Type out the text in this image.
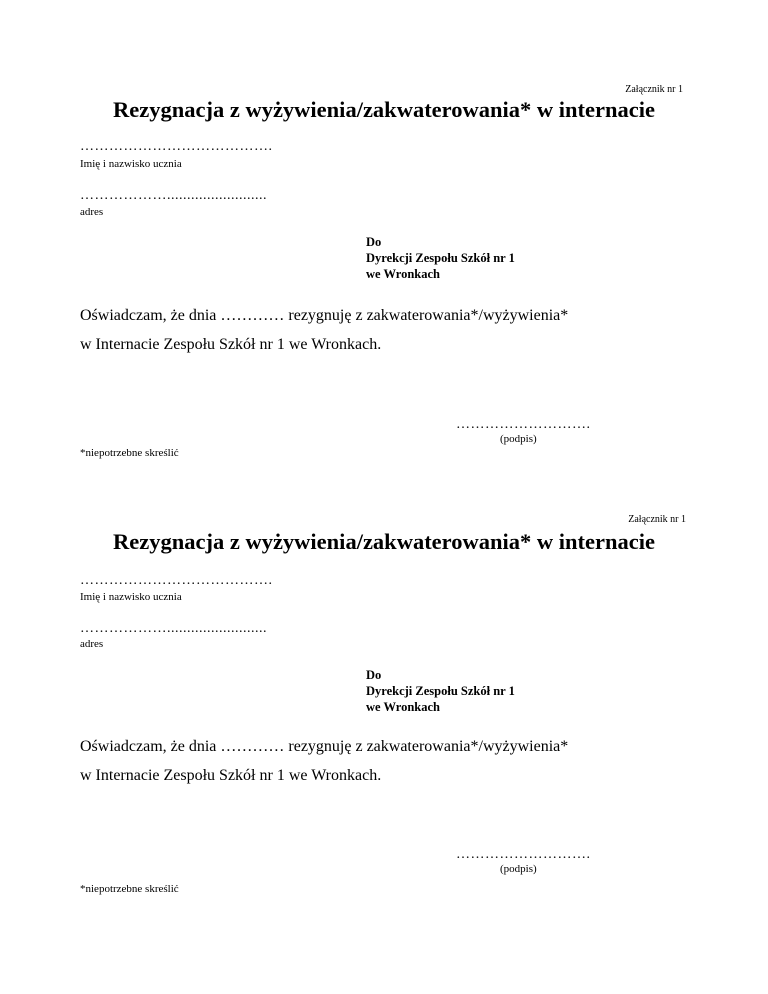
Załącznik nr 1
Rezygnacja z wyżywienia/zakwaterowania* w internacie
………………………………….
Imię i nazwisko ucznia
……………….........................
adres
Do
Dyrekcji Zespołu Szkół nr 1
we Wronkach
Oświadczam, że dnia ………… rezygnuję z zakwaterowania*/wyżywienia*
w Internacie Zespołu Szkół nr 1 we Wronkach.
……………………….
(podpis)
*niepotrzebne skreślić
Załącznik nr 1
Rezygnacja z wyżywienia/zakwaterowania* w internacie
………………………………….
Imię i nazwisko ucznia
……………….........................
adres
Do
Dyrekcji Zespołu Szkół nr 1
we Wronkach
Oświadczam, że dnia ………… rezygnuję z zakwaterowania*/wyżywienia*
w Internacie Zespołu Szkół nr 1 we Wronkach.
……………………….
(podpis)
*niepotrzebne skreślić
